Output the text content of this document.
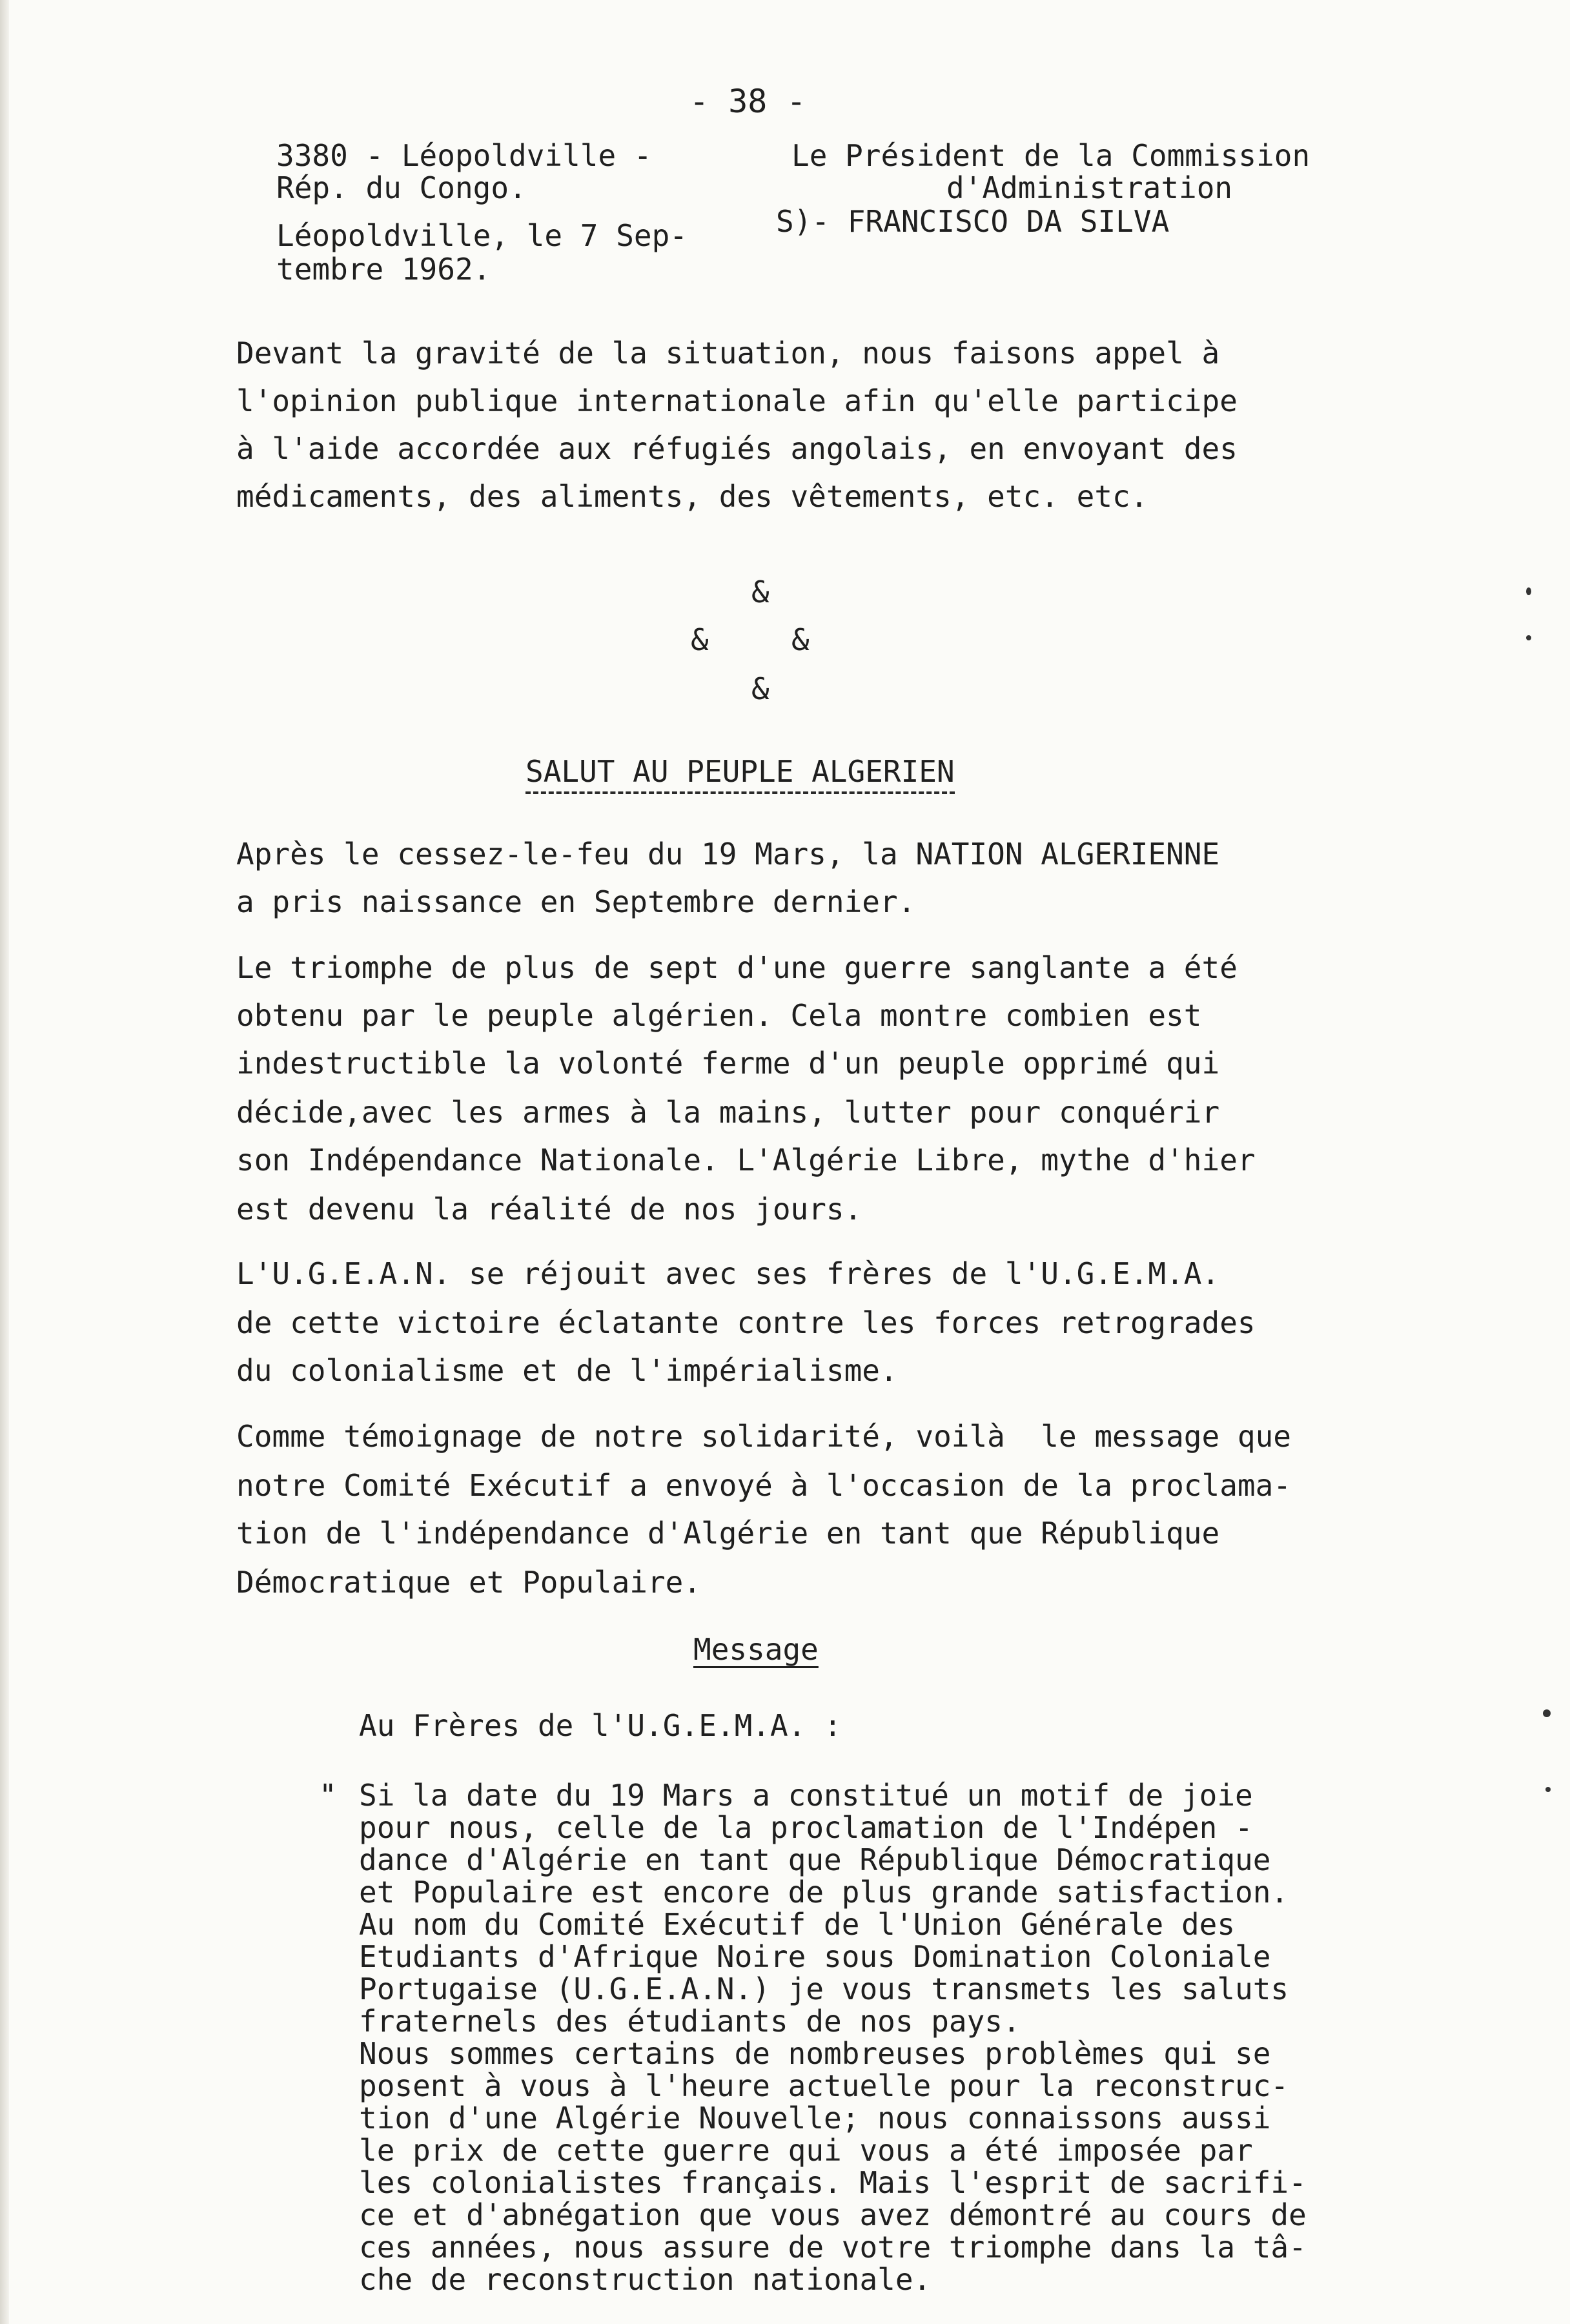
- 38 -
3380 - Léopoldville -
Rép. du Congo.
Léopoldville, le 7 Sep-
tembre 1962.
Le Président de la Commission
d'Administration
S)- FRANCISCO DA SILVA
Devant la gravité de la situation, nous faisons appel à
l'opinion publique internationale afin qu'elle participe
à l'aide accordée aux réfugiés angolais, en envoyant des
médicaments, des aliments, des vêtements, etc. etc.
&
&	&
&
SALUT AU PEUPLE ALGERIEN
Après le cessez-le-feu du 19 Mars, la NATION ALGERIENNE
a pris naissance en Septembre dernier.
Le triomphe de plus de sept d'une guerre sanglante a été
obtenu par le peuple algérien. Cela montre combien est
indestructible la volonté ferme d'un peuple opprimé qui
décide,avec les armes à la mains, lutter pour conquérir
son Indépendance Nationale. L'Algérie Libre, mythe d'hier
est devenu la réalité de nos jours.
L'U.G.E.A.N. se réjouit avec ses frères de l'U.G.E.M.A.
de cette victoire éclatante contre les forces retrogrades
du colonialisme et de l'impérialisme.
Comme témoignage de notre solidarité, voilà  le message que
notre Comité Exécutif a envoyé à l'occasion de la proclama-
tion de l'indépendance d'Algérie en tant que République
Démocratique et Populaire.
Message
Au Frères de l'U.G.E.M.A. :
" Si la date du 19 Mars a constitué un motif de joie
pour nous, celle de la proclamation de l'Indépen -
dance d'Algérie en tant que République Démocratique
et Populaire est encore de plus grande satisfaction.
Au nom du Comité Exécutif de l'Union Générale des
Etudiants d'Afrique Noire sous Domination Coloniale
Portugaise (U.G.E.A.N.) je vous transmets les saluts
fraternels des étudiants de nos pays.
Nous sommes certains de nombreuses problèmes qui se
posent à vous à l'heure actuelle pour la reconstruc-
tion d'une Algérie Nouvelle; nous connaissons aussi
le prix de cette guerre qui vous a été imposée par
les colonialistes français. Mais l'esprit de sacrifi-
ce et d'abnégation que vous avez démontré au cours de
ces années, nous assure de votre triomphe dans la tâ-
che de reconstruction nationale.
